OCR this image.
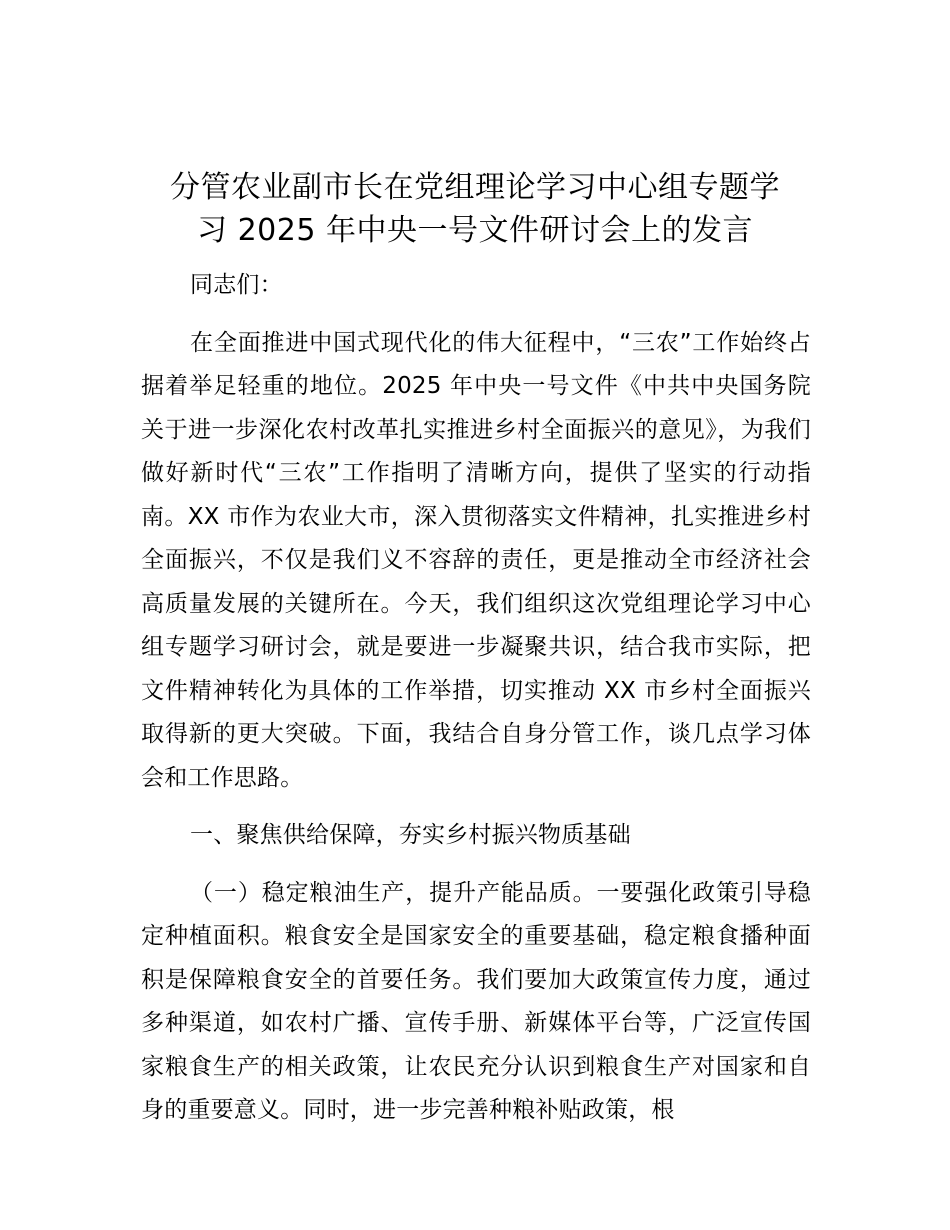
分管农业副市长在党组理论学习中心组专题学
习 2025 年中央一号文件研讨会上的发言

同志们：

在全面推进中国式现代化的伟大征程中，“三农”工作始终占据着举足轻重的地位。2025 年中央一号文件《中共中央国务院关于进一步深化农村改革扎实推进乡村全面振兴的意见》，为我们做好新时代“三农”工作指明了清晰方向，提供了坚实的行动指南。XX 市作为农业大市，深入贯彻落实文件精神，扎实推进乡村全面振兴，不仅是我们义不容辞的责任，更是推动全市经济社会高质量发展的关键所在。今天，我们组织这次党组理论学习中心组专题学习研讨会，就是要进一步凝聚共识，结合我市实际，把文件精神转化为具体的工作举措，切实推动 XX 市乡村全面振兴取得新的更大突破。下面，我结合自身分管工作，谈几点学习体会和工作思路。

一、聚焦供给保障，夯实乡村振兴物质基础

（一）稳定粮油生产，提升产能品质。一要强化政策引导稳定种植面积。粮食安全是国家安全的重要基础，稳定粮食播种面积是保障粮食安全的首要任务。我们要加大政策宣传力度，通过多种渠道，如农村广播、宣传手册、新媒体平台等，广泛宣传国家粮食生产的相关政策，让农民充分认识到粮食生产对国家和自身的重要意义。同时，进一步完善种粮补贴政策，根
